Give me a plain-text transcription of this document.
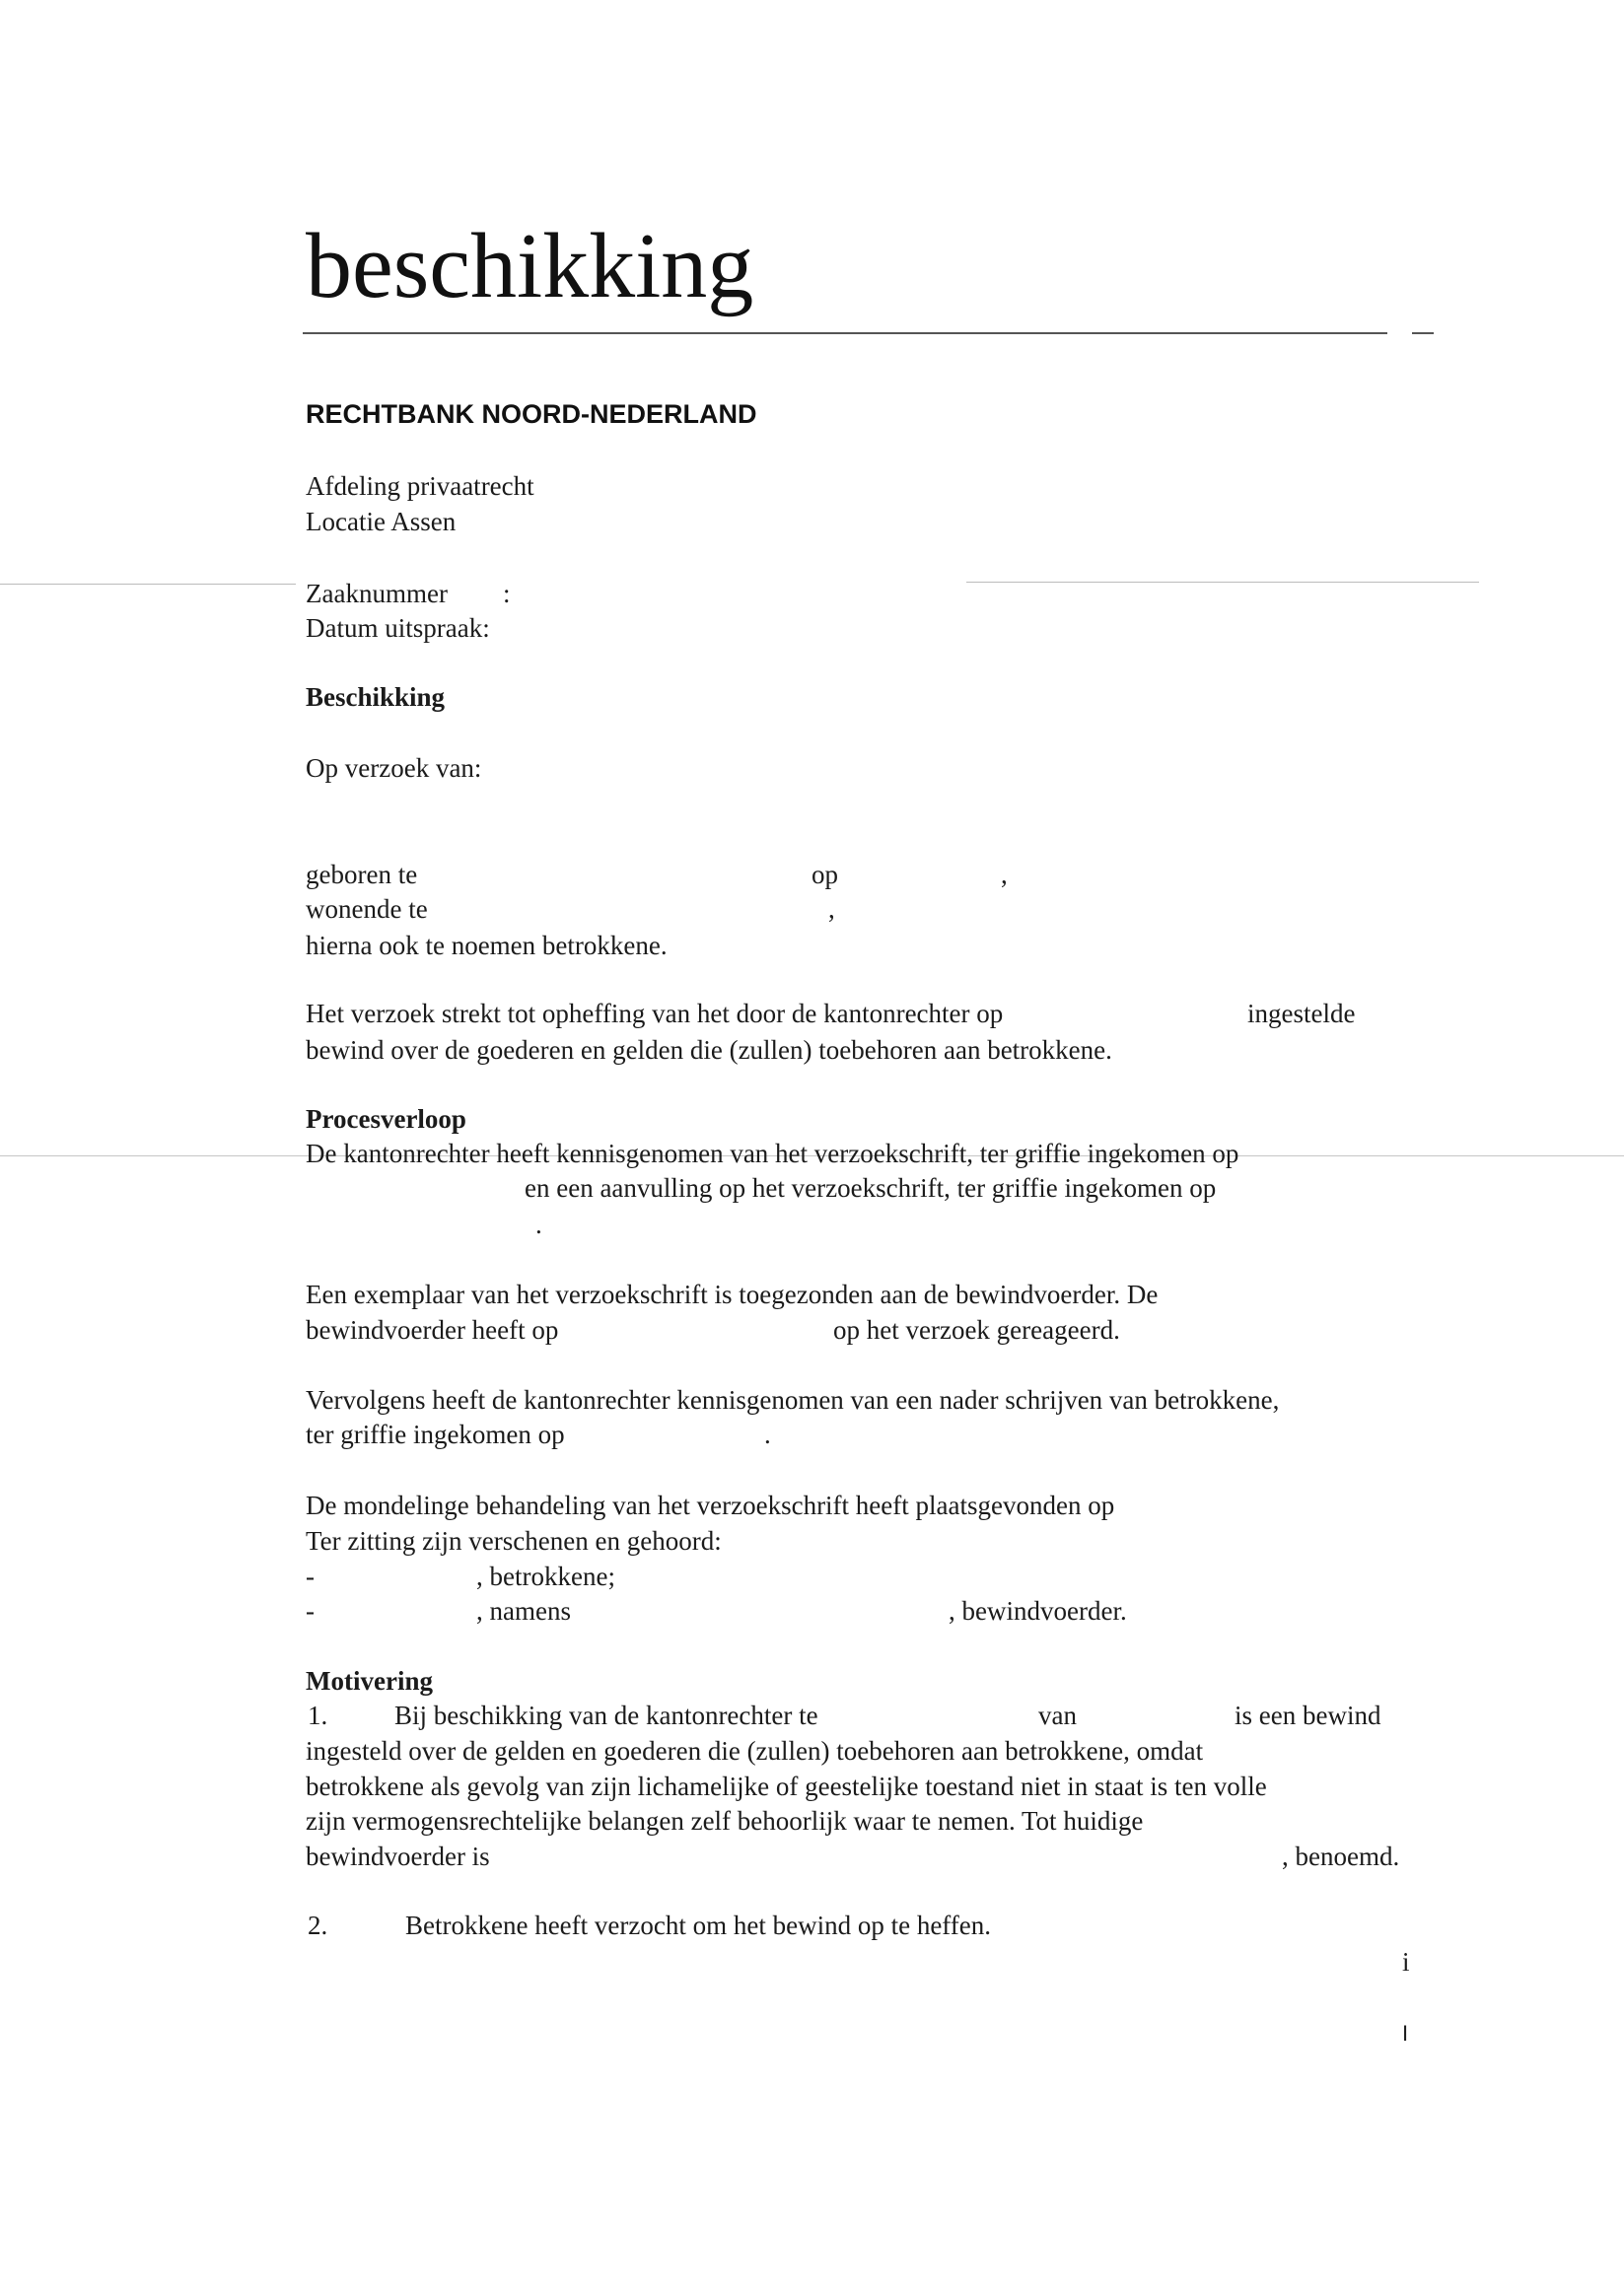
beschikking
RECHTBANK NOORD-NEDERLAND
Afdeling privaatrecht
Locatie Assen
Zaaknummer :
Datum uitspraak:
Beschikking
Op verzoek van:
geboren te	op	,
wonende te	,
hierna ook te noemen betrokkene.
Het verzoek strekt tot opheffing van het door de kantonrechter op	ingestelde
bewind over de goederen en gelden die (zullen) toebehoren aan betrokkene.
Procesverloop
De kantonrechter heeft kennisgenomen van het verzoekschrift, ter griffie ingekomen op
en een aanvulling op het verzoekschrift, ter griffie ingekomen op
.
Een exemplaar van het verzoekschrift is toegezonden aan de bewindvoerder. De
bewindvoerder heeft op	op het verzoek gereageerd.
Vervolgens heeft de kantonrechter kennisgenomen van een nader schrijven van betrokkene,
ter griffie ingekomen op	.
De mondelinge behandeling van het verzoekschrift heeft plaatsgevonden op
Ter zitting zijn verschenen en gehoord:
-	, betrokkene;
-	, namens	, bewindvoerder.
Motivering
1.	Bij beschikking van de kantonrechter te	van	is een bewind
ingesteld over de gelden en goederen die (zullen) toebehoren aan betrokkene, omdat
betrokkene als gevolg van zijn lichamelijke of geestelijke toestand niet in staat is ten volle
zijn vermogensrechtelijke belangen zelf behoorlijk waar te nemen. Tot huidige
bewindvoerder is	, benoemd.
2.	Betrokkene heeft verzocht om het bewind op te heffen.
i
I
